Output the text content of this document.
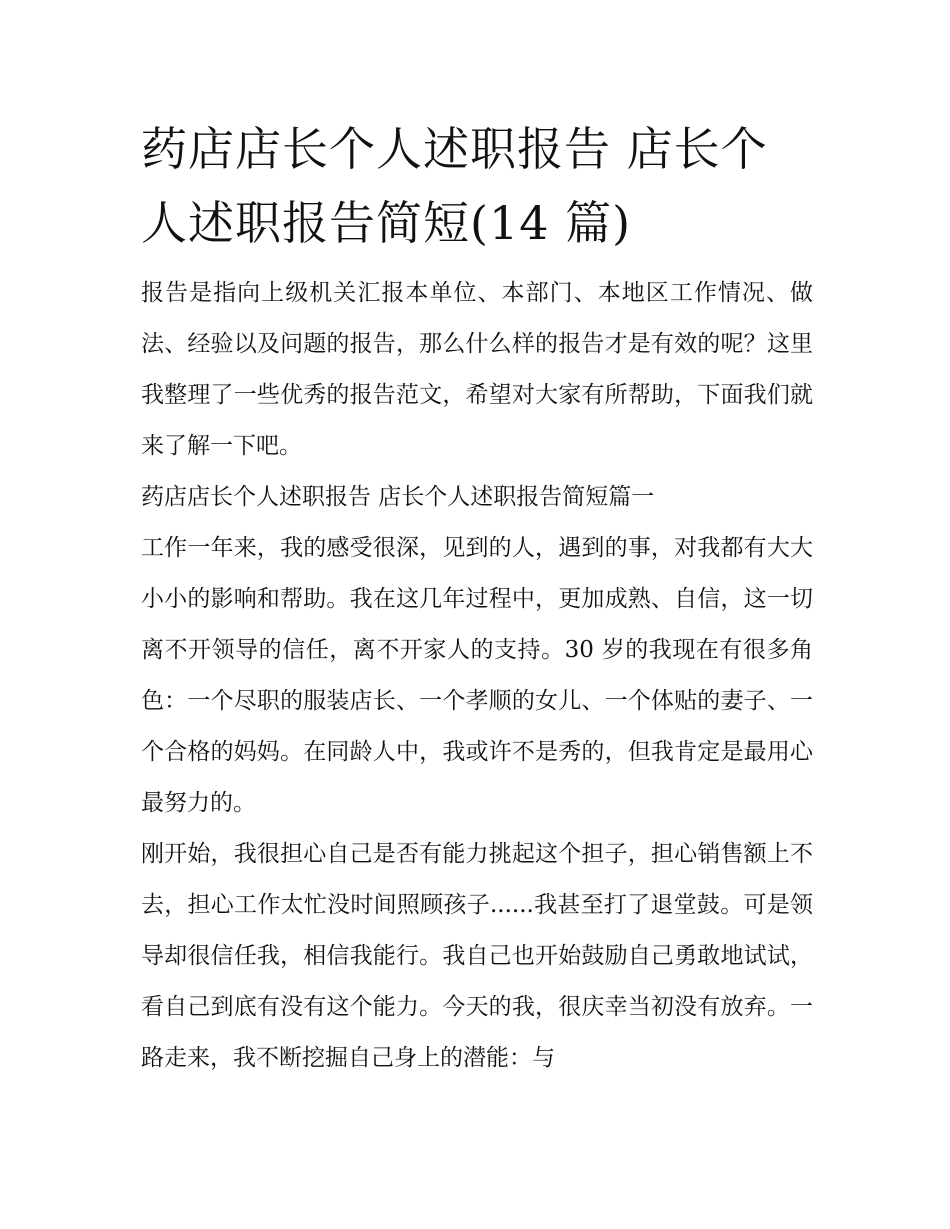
药店店长个人述职报告 店长个人述职报告简短(14 篇)

报告是指向上级机关汇报本单位、本部门、本地区工作情况、做法、经验以及问题的报告，那么什么样的报告才是有效的呢？这里我整理了一些优秀的报告范文，希望对大家有所帮助，下面我们就来了解一下吧。

药店店长个人述职报告 店长个人述职报告简短篇一

工作一年来，我的感受很深，见到的人，遇到的事，对我都有大大小小的影响和帮助。我在这几年过程中，更加成熟、自信，这一切离不开领导的信任，离不开家人的支持。30 岁的我现在有很多角色：一个尽职的服装店长、一个孝顺的女儿、一个体贴的妻子、一个合格的妈妈。在同龄人中，我或许不是秀的，但我肯定是最用心最努力的。

刚开始，我很担心自己是否有能力挑起这个担子，担心销售额上不去，担心工作太忙没时间照顾孩子......我甚至打了退堂鼓。可是领导却很信任我，相信我能行。我自己也开始鼓励自己勇敢地试试，看自己到底有没有这个能力。今天的我，很庆幸当初没有放弃。一路走来，我不断挖掘自己身上的潜能：与
